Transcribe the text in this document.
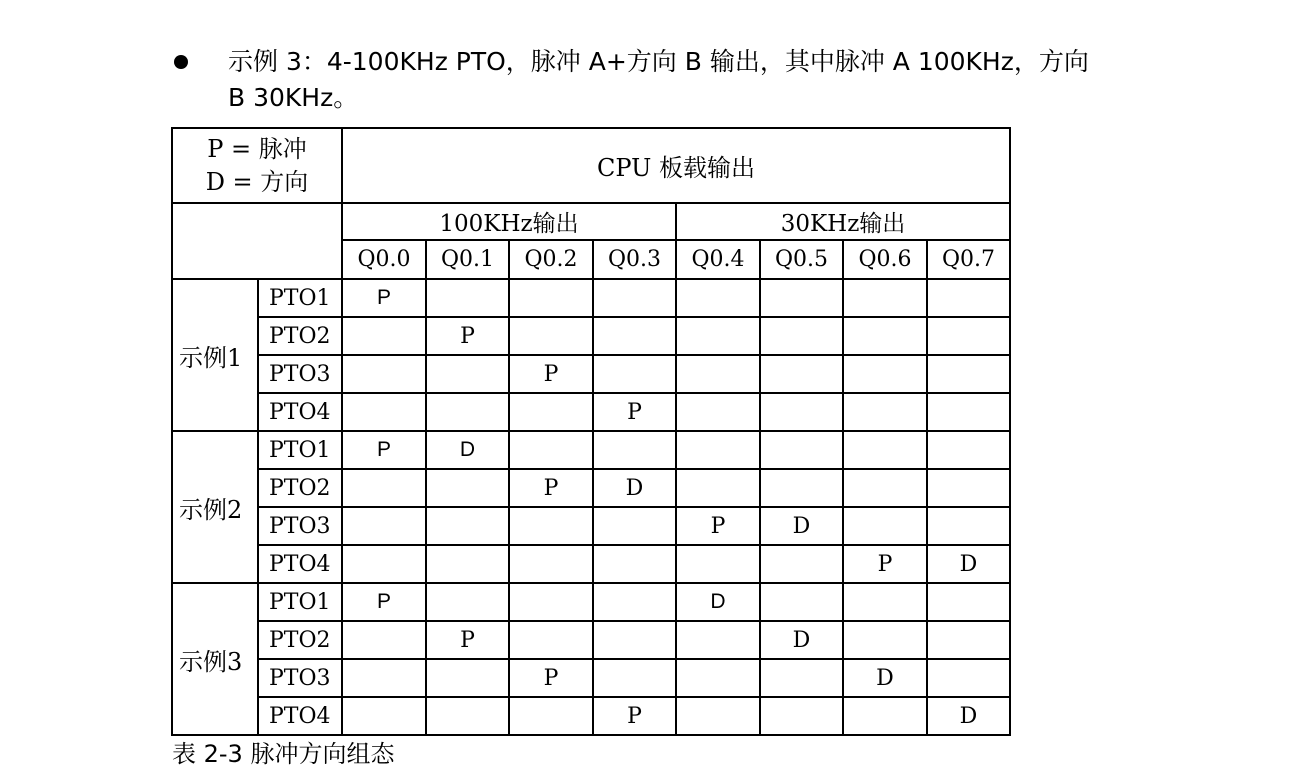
示例 3：4-100KHz PTO，脉冲 A+方向 B 输出，其中脉冲 A 100KHz，方向
B 30KHz。
P = 脉冲
D = 方向		CPU 板载输出							
		100KHz输出				30KHz输出			
		Q0.0	Q0.1	Q0.2	Q0.3	Q0.4	Q0.5	Q0.6	Q0.7
示例1	PTO1	P							
	PTO2		P						
	PTO3			P					
	PTO4				P				
示例2	PTO1	P	D						
	PTO2			P	D				
	PTO3					P	D		
	PTO4							P	D
示例3	PTO1	P				D			
	PTO2		P				D		
	PTO3			P				D	
	PTO4				P				D
表 2-3 脉冲方向组态
